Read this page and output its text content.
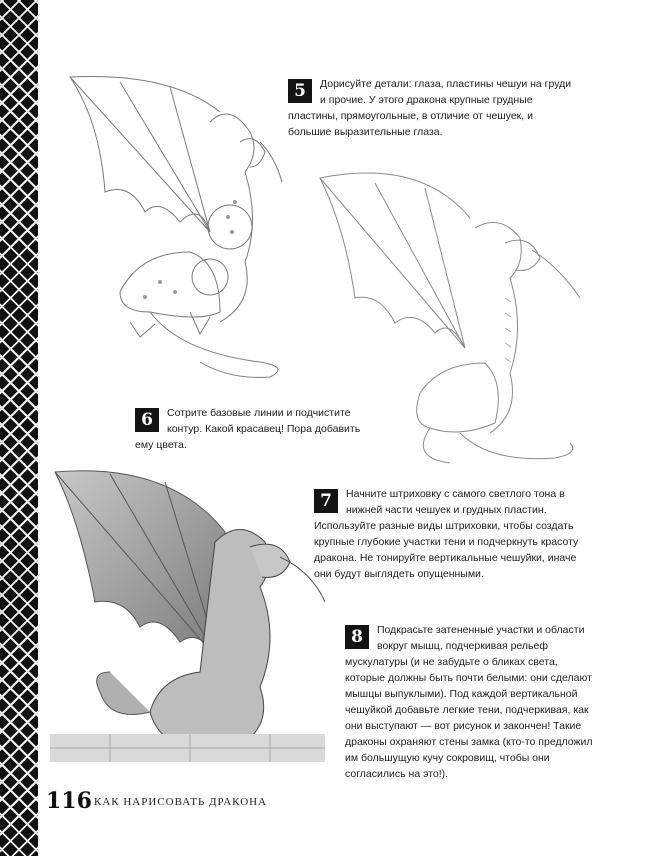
5	Дорисуйте детали: глаза, пластины чешуи на груди и прочие. У этого дракона крупные грудные пластины, прямоугольные, в отличие от чешуек, и большие выразительные глаза.

6	Сотрите базовые линии и подчистите контур. Какой красавец! Пора добавить ему цвета.

7	Начните штриховку с самого светлого тона в нижней части чешуек и грудных пластин. Используйте разные виды штриховки, чтобы создать крупные глубокие участки тени и подчеркнуть красоту дракона. Не тонируйте вертикальные чешуйки, иначе они будут выглядеть опущенными.

8	Подкрасьте затененные участки и области вокруг мышц, подчеркивая рельеф мускулатуры (и не забудьте о бликах света, которые должны быть почти белыми: они сделают мышцы выпуклыми). Под каждой вертикальной чешуйкой добавьте легкие тени, подчеркивая, как они выступают — вот рисунок и закончен! Такие драконы охраняют стены замка (кто-то предложил им большущую кучу сокровищ, чтобы они согласились на это!).

116 КАК НАРИСОВАТЬ ДРАКОНА
